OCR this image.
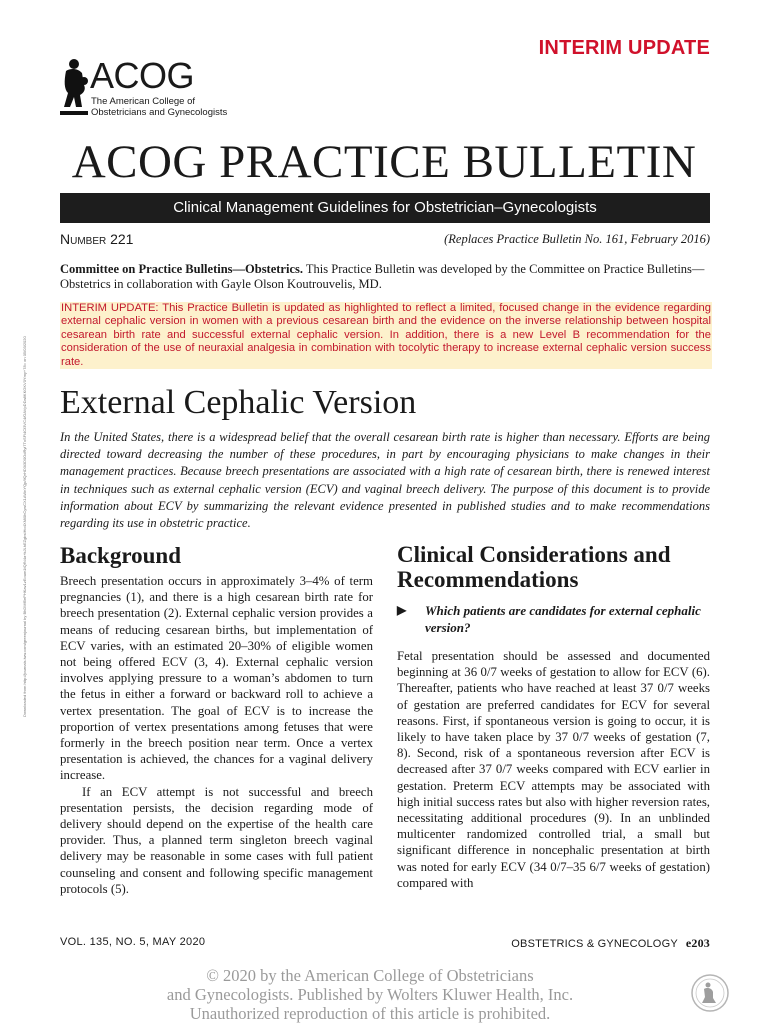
INTERIM UPDATE
ACOG
The American College of Obstetricians and Gynecologists
ACOG PRACTICE BULLETIN
Clinical Management Guidelines for Obstetrician–Gynecologists
Number 221	(Replaces Practice Bulletin No. 161, February 2016)
Committee on Practice Bulletins—Obstetrics. This Practice Bulletin was developed by the Committee on Practice Bulletins—Obstetrics in collaboration with Gayle Olson Koutrouvelis, MD.
INTERIM UPDATE: This Practice Bulletin is updated as highlighted to reflect a limited, focused change in the evidence regarding external cephalic version in women with a previous cesarean birth and the evidence on the inverse relationship between hospital cesarean birth rate and successful external cephalic version. In addition, there is a new Level B recommendation for the consideration of the use of neuraxial analgesia in combination with tocolytic therapy to increase external cephalic version success rate.
Downloaded from http://journals.lww.com/greenjournal by BhDMf5ePHKav1zEoum1tQfN4a+kJLhEZgbsIHo4XMi0hCywCX1AWnYQp/IlQrHD3i3D0OdRyi7TvSFl4Cf3VC4/OAVpDDa8KKGKV0Ymy+78= on 05/03/2020 External Cephalic Version
In the United States, there is a widespread belief that the overall cesarean birth rate is higher than necessary. Efforts are being directed toward decreasing the number of these procedures, in part by encouraging physicians to make changes in their management practices. Because breech presentations are associated with a high rate of cesarean birth, there is renewed interest in techniques such as external cephalic version (ECV) and vaginal breech delivery. The purpose of this document is to provide information about ECV by summarizing the relevant evidence presented in published studies and to make recommendations regarding its use in obstetric practice.
Background

Breech presentation occurs in approximately 3–4% of term pregnancies (1), and there is a high cesarean birth rate for breech presentation (2). External cephalic version provides a means of reducing cesarean births, but implementation of ECV varies, with an estimated 20–30% of eligible women not being offered ECV (3, 4). External cephalic version involves applying pressure to a woman’s abdomen to turn the fetus in either a forward or backward roll to achieve a vertex presentation. The goal of ECV is to increase the proportion of vertex presentations among fetuses that were formerly in the breech position near term. Once a vertex presentation is achieved, the chances for a vaginal delivery increase.

If an ECV attempt is not successful and breech presentation persists, the decision regarding mode of delivery should depend on the expertise of the health care provider. Thus, a planned term singleton breech vaginal delivery may be reasonable in some cases with full patient counseling and consent and following specific management protocols (5).

Clinical Considerations and Recommendations
▶	Which patients are candidates for external cephalic version?

Fetal presentation should be assessed and documented beginning at 36 0/7 weeks of gestation to allow for ECV (6). Thereafter, patients who have reached at least 37 0/7 weeks of gestation are preferred candidates for ECV for several reasons. First, if spontaneous version is going to occur, it is likely to have taken place by 37 0/7 weeks of gestation (7, 8). Second, risk of a spontaneous reversion after ECV is decreased after 37 0/7 weeks compared with ECV earlier in gestation. Preterm ECV attempts may be associated with high initial success rates but also with higher reversion rates, necessitating additional procedures (9). In an unblinded multicenter randomized controlled trial, a small but significant difference in noncephalic presentation at birth was noted for early ECV (34 0/7–35 6/7 weeks of gestation) compared with

VOL. 135, NO. 5, MAY 2020	OBSTETRICS & GYNECOLOGY e203
© 2020 by the American College of Obstetricians
and Gynecologists. Published by Wolters Kluwer Health, Inc.
Unauthorized reproduction of this article is prohibited.
